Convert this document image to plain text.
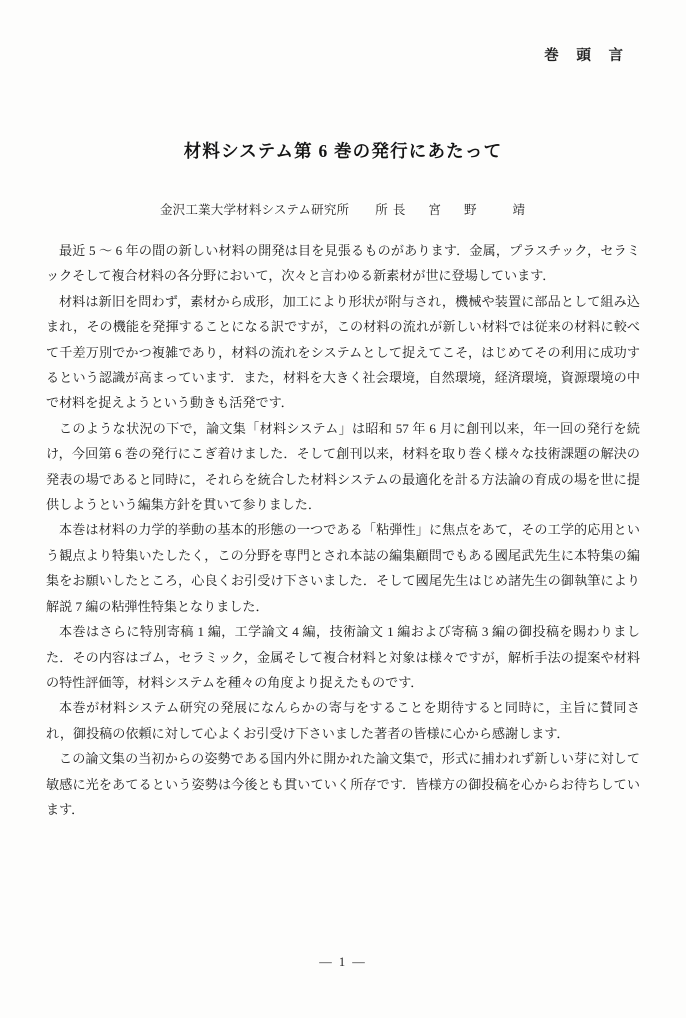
巻 頭 言
材料システム第 6 巻の発行にあたって
金沢工業大学材料システム研究所 所 長 宮 野 靖

最近 5 ～ 6 年の間の新しい材料の開発は目を見張るものがあります．金属，プラスチック，セラミックそして複合材料の各分野において，次々と言わゆる新素材が世に登場しています．

材料は新旧を問わず，素材から成形，加工により形状が附与され，機械や装置に部品として組み込まれ，その機能を発揮することになる訳ですが，この材料の流れが新しい材料では従来の材料に較べて千差万別でかつ複雑であり，材料の流れをシステムとして捉えてこそ，はじめてその利用に成功するという認識が高まっています．また，材料を大きく社会環境，自然環境，経済環境，資源環境の中で材料を捉えようという動きも活発です．

このような状況の下で，論文集「材料システム」は昭和 57 年 6 月に創刊以来，年一回の発行を続け，今回第 6 巻の発行にこぎ着けました．そして創刊以来，材料を取り巻く様々な技術課題の解決の発表の場であると同時に，それらを統合した材料システムの最適化を計る方法論の育成の場を世に提供しようという編集方針を貫いて参りました．

本巻は材料の力学的挙動の基本的形態の一つである「粘弾性」に焦点をあて，その工学的応用という観点より特集いたしたく，この分野を専門とされ本誌の編集顧問でもある國尾武先生に本特集の編集をお願いしたところ，心良くお引受け下さいました．そして國尾先生はじめ諸先生の御執筆により解説 7 編の粘弾性特集となりました．

本巻はさらに特別寄稿 1 編，工学論文 4 編，技術論文 1 編および寄稿 3 編の御投稿を賜わりました．その内容はゴム，セラミック，金属そして複合材料と対象は様々ですが，解析手法の提案や材料の特性評価等，材料システムを種々の角度より捉えたものです．

本巻が材料システム研究の発展になんらかの寄与をすることを期待すると同時に，主旨に賛同され，御投稿の依頼に対して心よくお引受け下さいました著者の皆様に心から感謝します．

この論文集の当初からの姿勢である国内外に開かれた論文集で，形式に捕われず新しい芽に対して敏感に光をあてるという姿勢は今後とも貫いていく所存です．皆様方の御投稿を心からお待ちしています．

— 1 —
